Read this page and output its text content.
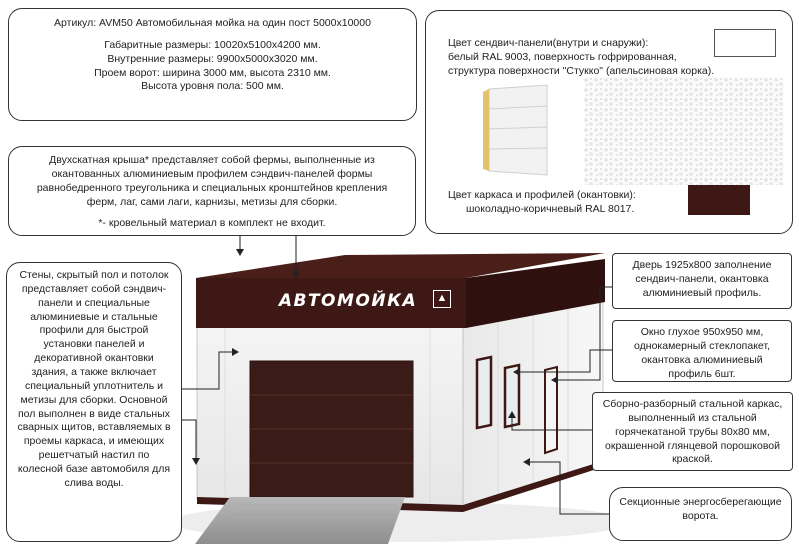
АВТОМОЙКА	▲
Артикул: AVM50 Автомобильная мойка на один пост 5000х10000
Габаритные размеры: 10020х5100х4200 мм.
Внутренние размеры: 9900х5000х3020 мм.
Проем ворот: ширина 3000 мм, высота 2310 мм.
Высота уровня пола: 500 мм.
Двухскатная крыша* представляет собой фермы, выполненные из окантованных алюминиевым профилем сэндвич-панелей формы равнобедренного треугольника и специальных кронштейнов крепления ферм, лаг, сами лаги, карнизы, метизы для сборки.
*- кровельный материал в комплект не входит.
Цвет сендвич-панели(внутри и снаружи):
белый RAL 9003, поверхность гофрированная,
структура поверхности "Стукко" (апельсиновая корка).
Цвет каркаса и профилей (окантовки):
шоколадно-коричневый RAL 8017.
Стены, скрытый пол и потолок представляет собой сэндвич-панели и специальные алюминиевые и стальные профили для быстрой установки панелей и декоративной окантовки здания, а также включает специальный уплотнитель и метизы для сборки. Основной пол выполнен в виде стальных сварных щитов, вставляемых в проемы каркаса, и имеющих решетчатый настил по колесной базе автомобиля для слива воды.
Дверь 1925х800 заполнение сендвич-панели, окантовка алюминиевый профиль.
Окно глухое 950х950 мм, однокамерный стеклопакет, окантовка алюминиевый профиль 6шт.
Сборно-разборный стальной каркас, выполненный из стальной горячекатаной трубы 80х80 мм, окрашенной глянцевой порошковой краской.
Секционные энергосберегающие ворота.
